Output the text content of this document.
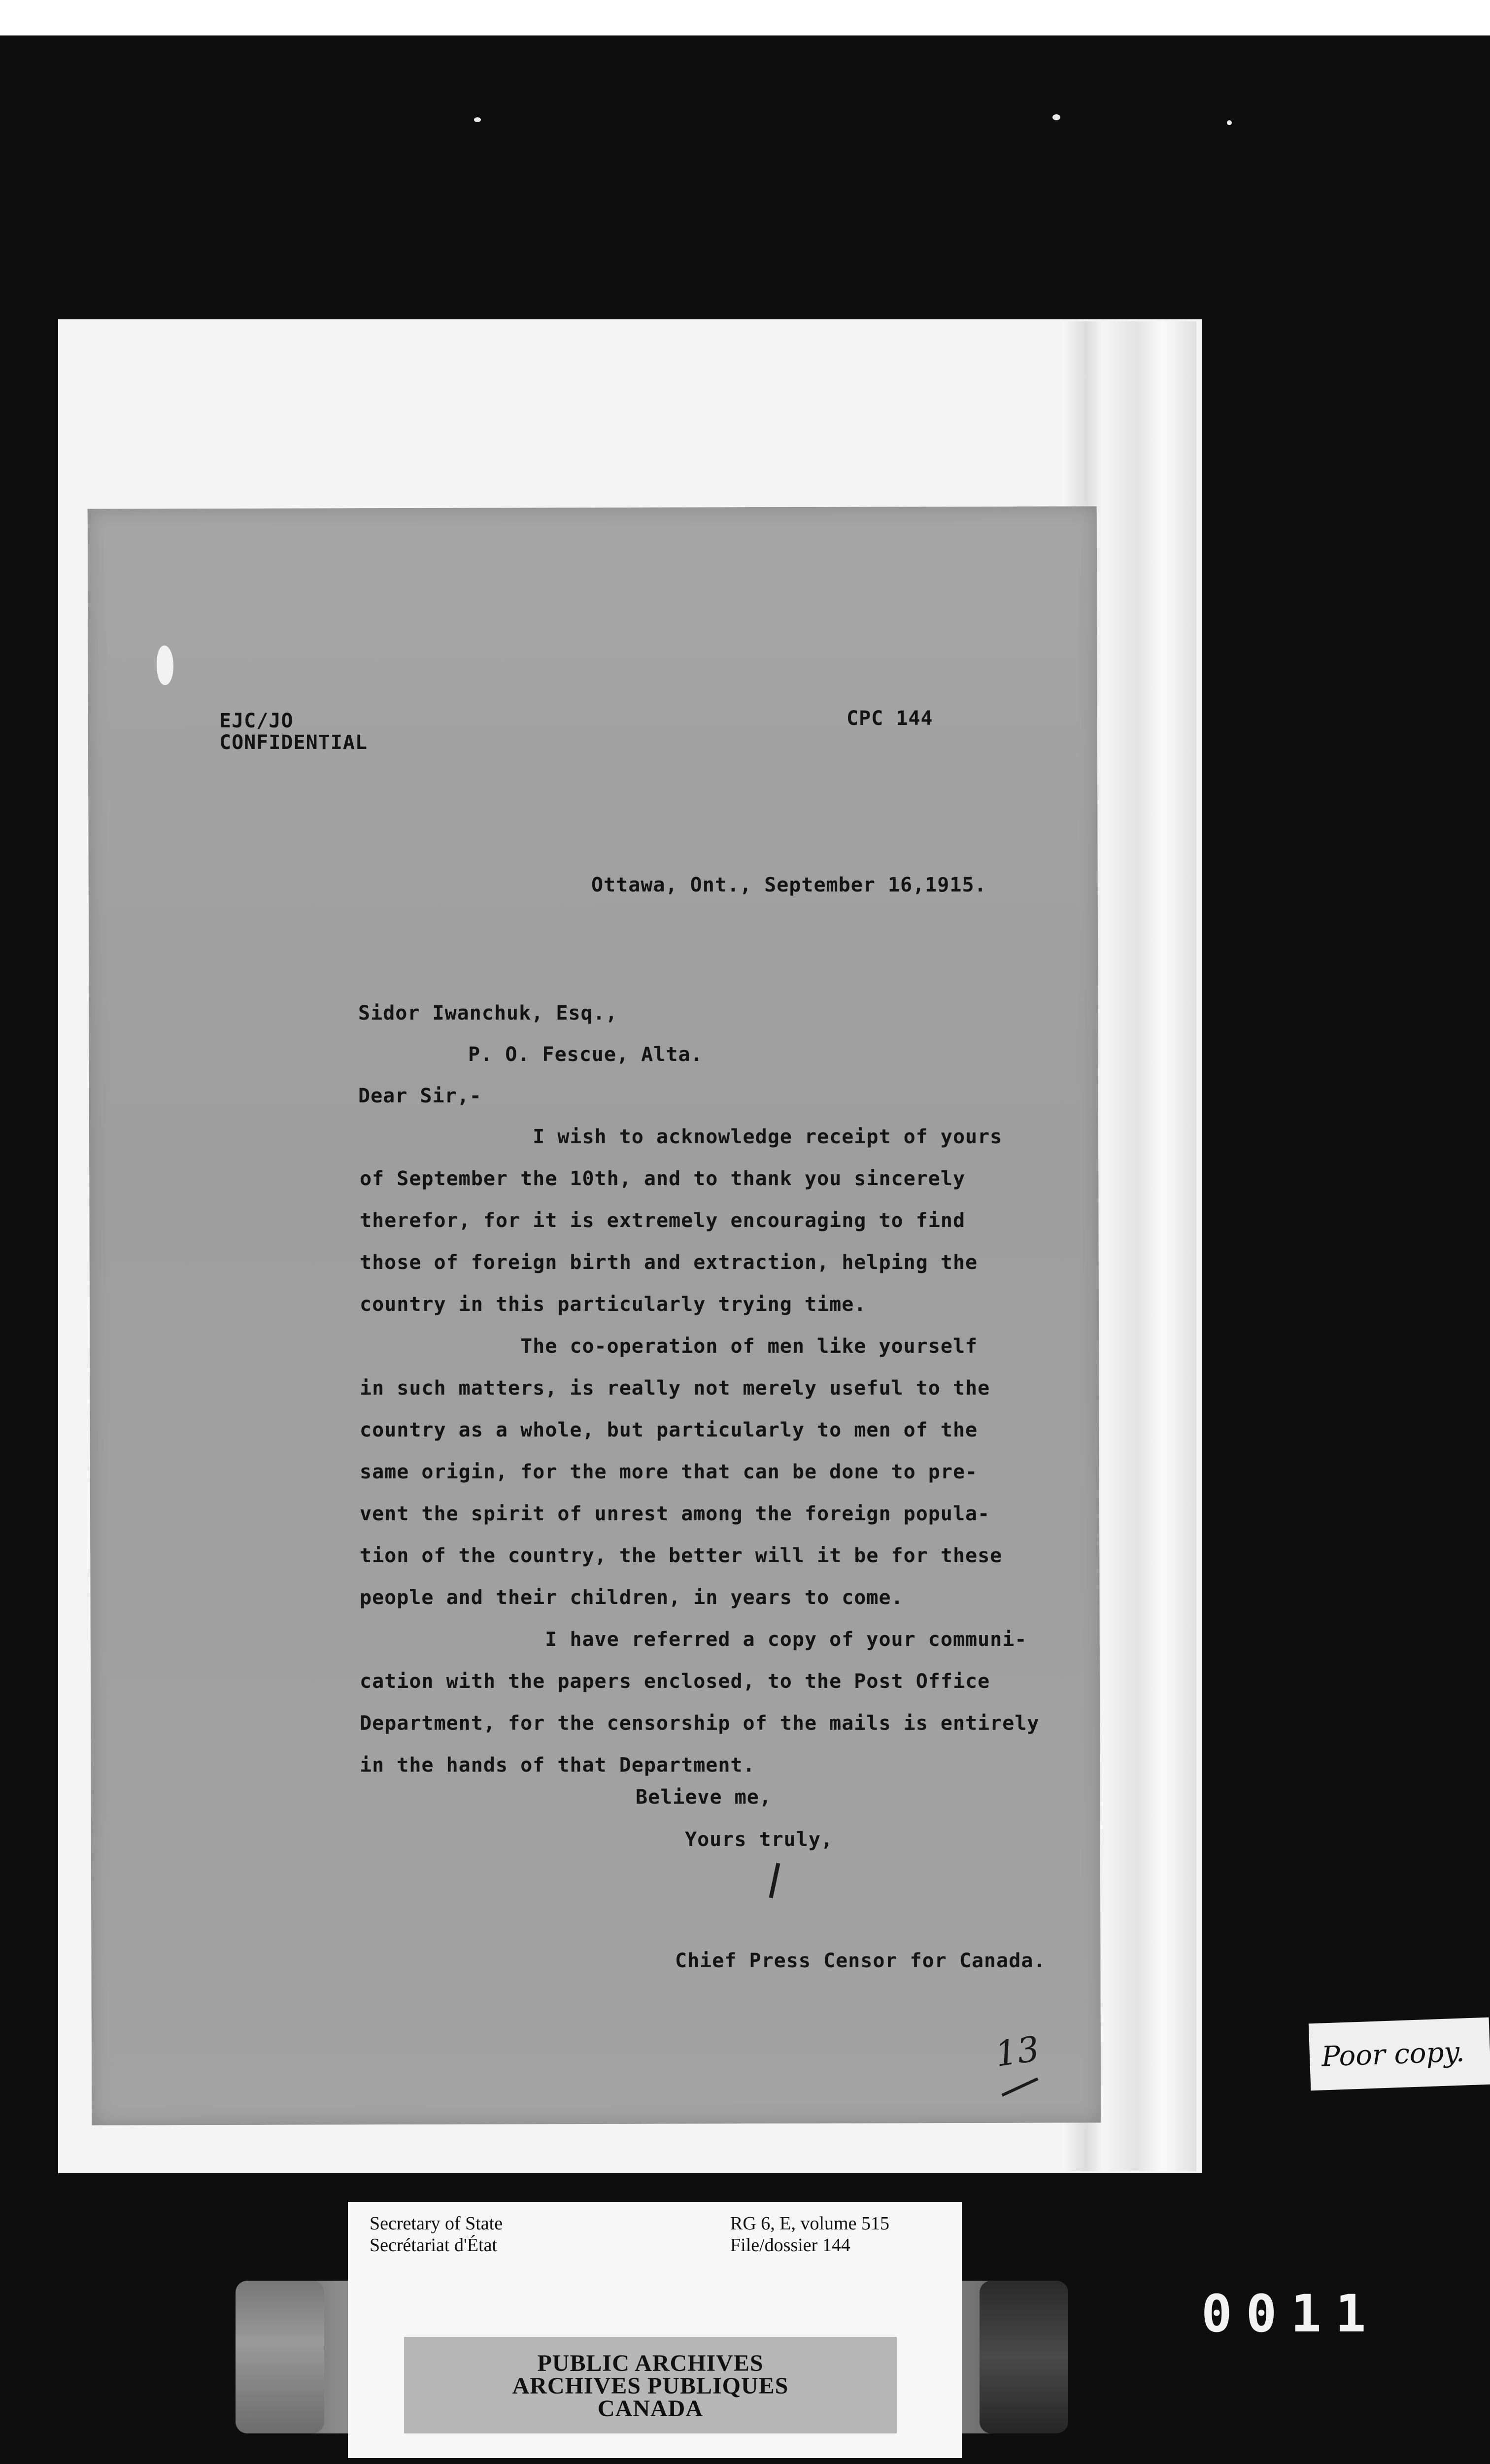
EJC/JO
CONFIDENTIAL
CPC 144
Ottawa, Ont., September 16,1915.
Sidor Iwanchuk, Esq.,
P. O. Fescue, Alta.
Dear Sir,-
I wish to acknowledge receipt of yours
of September the 10th, and to thank you sincerely
therefor, for it is extremely encouraging to find
those of foreign birth and extraction, helping the
country in this particularly trying time.
The co-operation of men like yourself
in such matters, is really not merely useful to the
country as a whole, but particularly to men of the
same origin, for the more that can be done to pre-
vent the spirit of unrest among the foreign popula-
tion of the country, the better will it be for these
people and their children, in years to come.
I have referred a copy of your communi-
cation with the papers enclosed, to the Post Office
Department, for the censorship of the mails is entirely
in the hands of that Department.
Believe me,
Yours truly,
Chief Press Censor for Canada.
13	Poor copy.
Secretary of State
Secrétariat d'État
RG 6, E, volume 515
File/dossier 144
PUBLIC ARCHIVES
ARCHIVES PUBLIQUES
CANADA
0 0 1 1
